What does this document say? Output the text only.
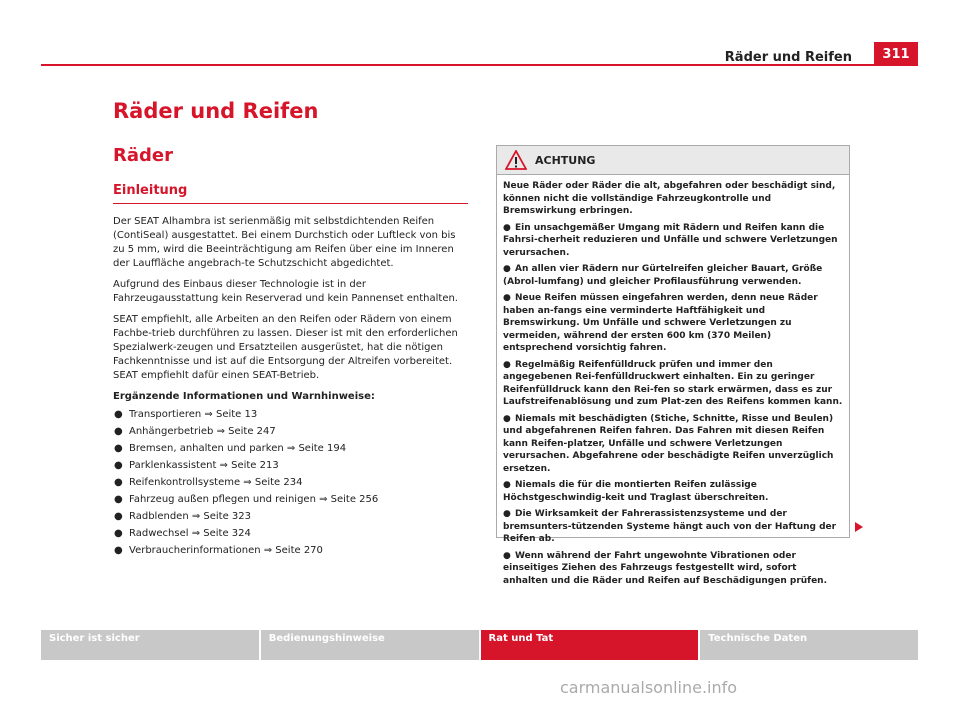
Räder und Reifen	311
Räder und Reifen
Räder
Einleitung

Der SEAT Alhambra ist serienmäßig mit selbstdichtenden Reifen (ContiSeal) ausgestattet. Bei einem Durchstich oder Luftleck von bis zu 5 mm, wird die Beeinträchtigung am Reifen über eine im Inneren der Lauffläche angebrach-te Schutzschicht abgedichtet.

Aufgrund des Einbaus dieser Technologie ist in der Fahrzeugausstattung kein Reserverad und kein Pannenset enthalten.

SEAT empfiehlt, alle Arbeiten an den Reifen oder Rädern von einem Fachbe-trieb durchführen zu lassen. Dieser ist mit den erforderlichen Spezialwerk-zeugen und Ersatzteilen ausgerüstet, hat die nötigen Fachkenntnisse und ist auf die Entsorgung der Altreifen vorbereitet. SEAT empfiehlt dafür einen SEAT-Betrieb.

Ergänzende Informationen und Warnhinweise:

● Transportieren ⇒ Seite 13
● Anhängerbetrieb ⇒ Seite 247
● Bremsen, anhalten und parken ⇒ Seite 194
● Parklenkassistent ⇒ Seite 213
● Reifenkontrollsysteme ⇒ Seite 234
● Fahrzeug außen pflegen und reinigen ⇒ Seite 256
● Radblenden ⇒ Seite 323
● Radwechsel ⇒ Seite 324
● Verbraucherinformationen ⇒ Seite 270
ACHTUNG

Neue Räder oder Räder die alt, abgefahren oder beschädigt sind, können nicht die vollständige Fahrzeugkontrolle und Bremswirkung erbringen.

● Ein unsachgemäßer Umgang mit Rädern und Reifen kann die Fahrsi-cherheit reduzieren und Unfälle und schwere Verletzungen verursachen.

● An allen vier Rädern nur Gürtelreifen gleicher Bauart, Größe (Abrol-lumfang) und gleicher Profilausführung verwenden.

● Neue Reifen müssen eingefahren werden, denn neue Räder haben an-fangs eine verminderte Haftfähigkeit und Bremswirkung. Um Unfälle und schwere Verletzungen zu vermeiden, während der ersten 600 km (370 Meilen) entsprechend vorsichtig fahren.

● Regelmäßig Reifenfülldruck prüfen und immer den angegebenen Rei-fenfülldruckwert einhalten. Ein zu geringer Reifenfülldruck kann den Rei-fen so stark erwärmen, dass es zur Laufstreifenablösung und zum Plat-zen des Reifens kommen kann.

● Niemals mit beschädigten (Stiche, Schnitte, Risse und Beulen) und abgefahrenen Reifen fahren. Das Fahren mit diesen Reifen kann Reifen-platzer, Unfälle und schwere Verletzungen verursachen. Abgefahrene oder beschädigte Reifen unverzüglich ersetzen.

● Niemals die für die montierten Reifen zulässige Höchstgeschwindig-keit und Traglast überschreiten.

● Die Wirksamkeit der Fahrerassistenzsysteme und der bremsunters-tützenden Systeme hängt auch von der Haftung der Reifen ab.

● Wenn während der Fahrt ungewohnte Vibrationen oder einseitiges Ziehen des Fahrzeugs festgestellt wird, sofort anhalten und die Räder und Reifen auf Beschädigungen prüfen.

Sicher ist sicher	Bedienungshinweise	Rat und Tat	Technische Daten
carmanualsonline.info
